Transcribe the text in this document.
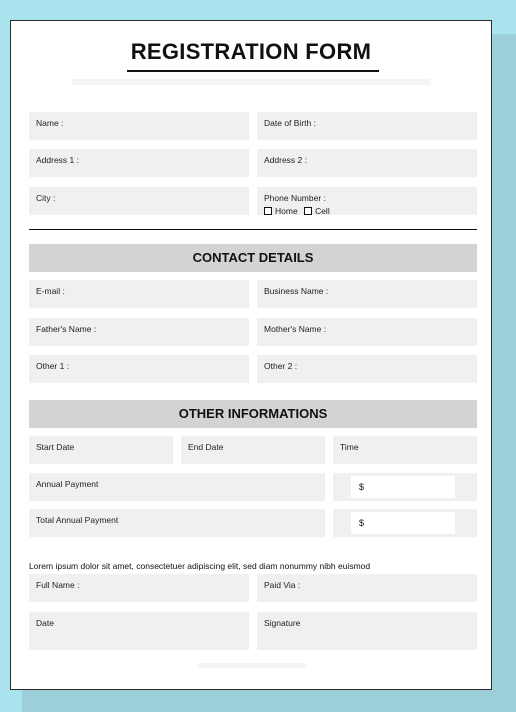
REGISTRATION FORM
Name :	Date of Birth :
Address 1 :	Address 2 :
City :	Phone Number :
Home
Cell
CONTACT DETAILS
E-mail :	Business Name :
Father's Name :	Mother's Name :
Other 1 :	Other 2 :
OTHER INFORMATIONS
Start Date	End Date	Time
Annual Payment	$
Total Annual Payment	$
Lorem ipsum dolor sit amet, consectetuer adipiscing elit, sed diam nonummy nibh euismod
Full Name :	Paid Via :
Date	Signature
